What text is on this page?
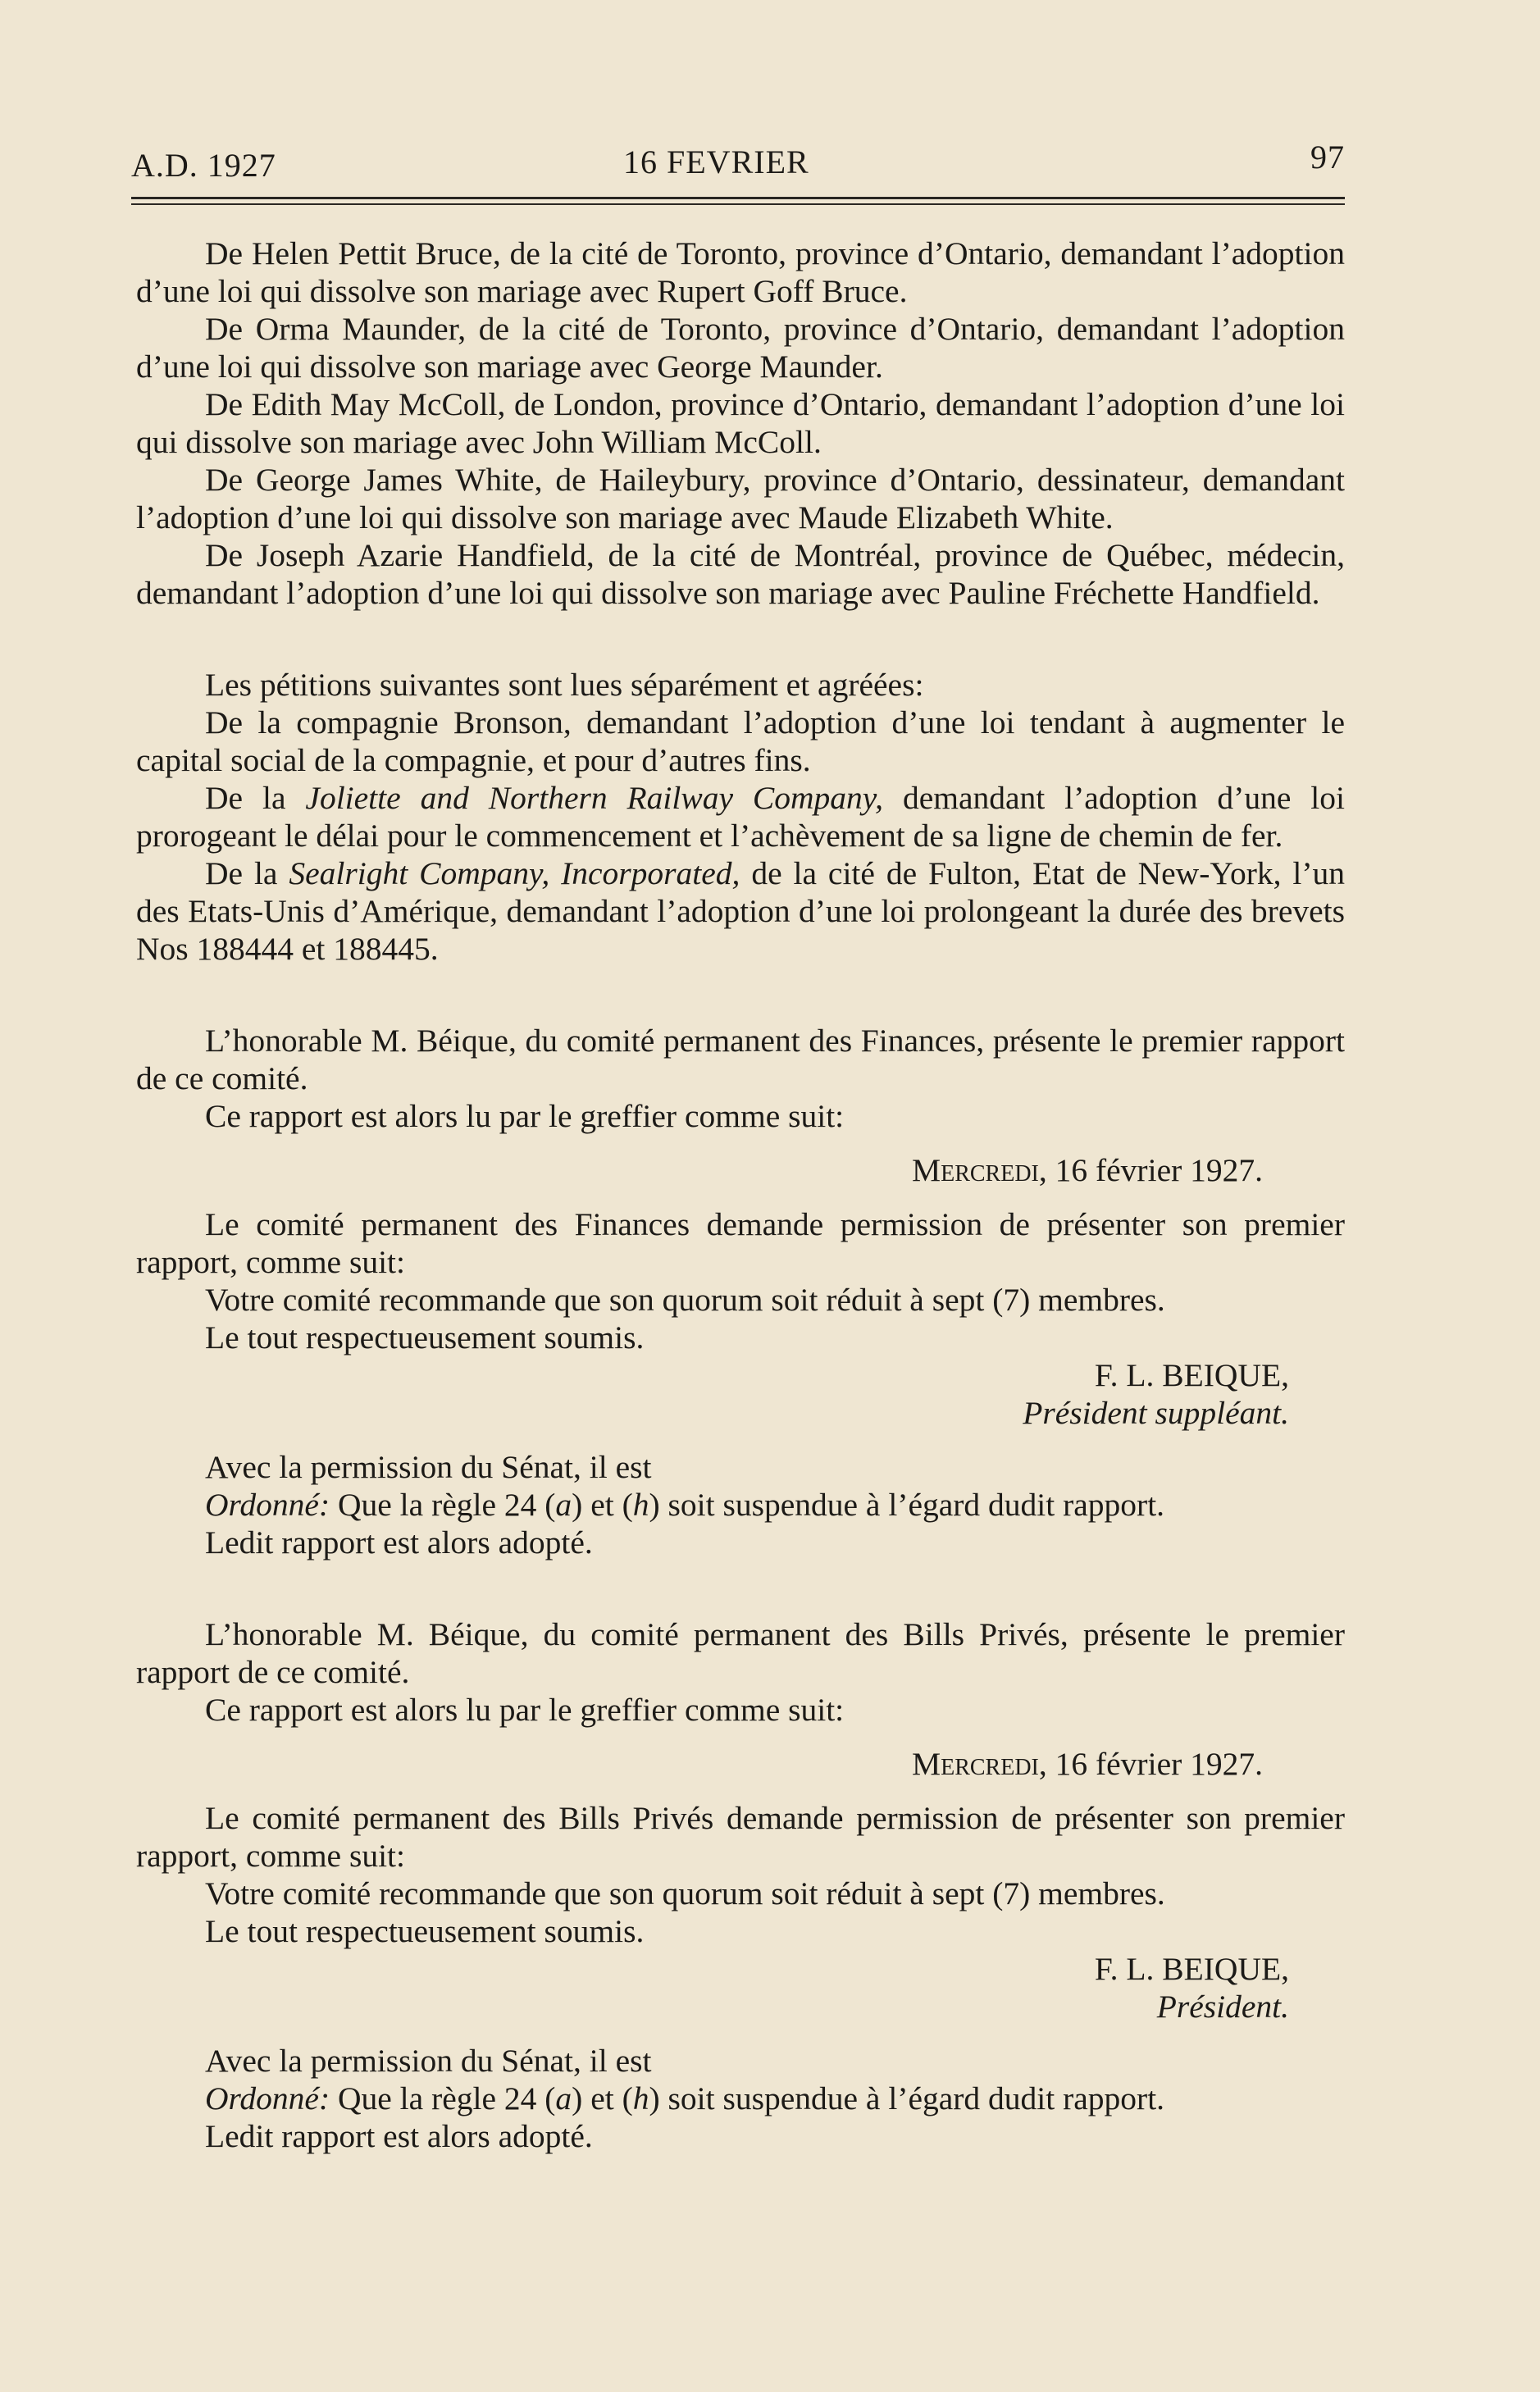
A.D. 1927	16 FEVRIER	97

De Helen Pettit Bruce, de la cité de Toronto, province d’Ontario, demandant l’adoption d’une loi qui dissolve son mariage avec Rupert Goff Bruce.

De Orma Maunder, de la cité de Toronto, province d’Ontario, demandant l’adoption d’une loi qui dissolve son mariage avec George Maunder.

De Edith May McColl, de London, province d’Ontario, demandant l’adoption d’une loi qui dissolve son mariage avec John William McColl.

De George James White, de Haileybury, province d’Ontario, dessinateur, demandant l’adoption d’une loi qui dissolve son mariage avec Maude Elizabeth White.

De Joseph Azarie Handfield, de la cité de Montréal, province de Québec, médecin, demandant l’adoption d’une loi qui dissolve son mariage avec Pauline Fréchette Handfield.

Les pétitions suivantes sont lues séparément et agréées:

De la compagnie Bronson, demandant l’adoption d’une loi tendant à augmenter le capital social de la compagnie, et pour d’autres fins.

De la Joliette and Northern Railway Company, demandant l’adoption d’une loi prorogeant le délai pour le commencement et l’achèvement de sa ligne de chemin de fer.

De la Sealright Company, Incorporated, de la cité de Fulton, Etat de New-York, l’un des Etats-Unis d’Amérique, demandant l’adoption d’une loi prolongeant la durée des brevets Nos 188444 et 188445.

L’honorable M. Béique, du comité permanent des Finances, présente le premier rapport de ce comité.

Ce rapport est alors lu par le greffier comme suit:

Mercredi, 16 février 1927.

Le comité permanent des Finances demande permission de présenter son premier rapport, comme suit:

Votre comité recommande que son quorum soit réduit à sept (7) membres.

Le tout respectueusement soumis.

F. L. BEIQUE,

Président suppléant.

Avec la permission du Sénat, il est

Ordonné: Que la règle 24 (a) et (h) soit suspendue à l’égard dudit rapport.

Ledit rapport est alors adopté.

L’honorable M. Béique, du comité permanent des Bills Privés, présente le premier rapport de ce comité.

Ce rapport est alors lu par le greffier comme suit:

Mercredi, 16 février 1927.

Le comité permanent des Bills Privés demande permission de présenter son premier rapport, comme suit:

Votre comité recommande que son quorum soit réduit à sept (7) membres.

Le tout respectueusement soumis.

F. L. BEIQUE,

Président.

Avec la permission du Sénat, il est

Ordonné: Que la règle 24 (a) et (h) soit suspendue à l’égard dudit rapport.

Ledit rapport est alors adopté.
